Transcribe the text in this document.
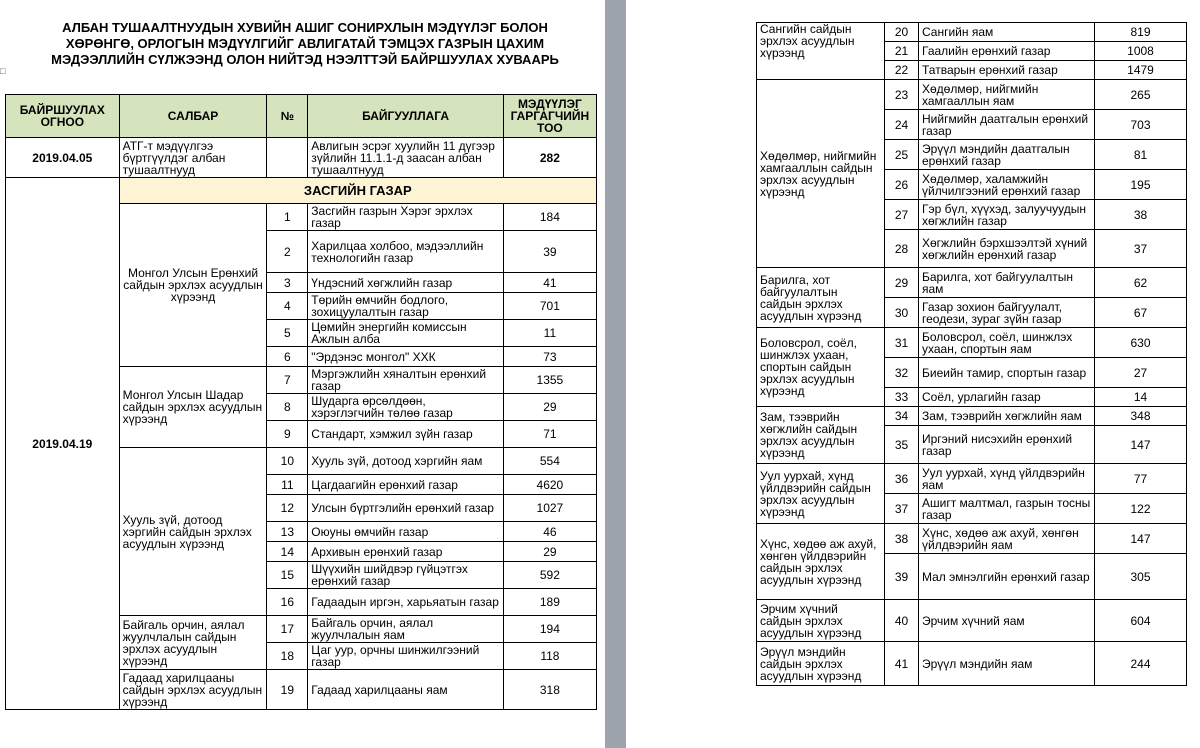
□
АЛБАН ТУШААЛТНУУДЫН ХУВИЙН АШИГ СОНИРХЛЫН МЭДҮҮЛЭГ БОЛОН ХӨРӨНГӨ, ОРЛОГЫН МЭДҮҮЛГИЙГ АВЛИГАТАЙ ТЭМЦЭХ ГАЗРЫН ЦАХИМ МЭДЭЭЛЛИЙН СҮЛЖЭЭНД ОЛОН НИЙТЭД НЭЭЛТТЭЙ БАЙРШУУЛАХ ХУВААРЬ
БАЙРШУУЛАХ ОГНОО	САЛБАР	№	БАЙГУУЛЛАГА	МЭДҮҮЛЭГ ГАРГАГЧИЙН ТОО
2019.04.05	АТГ-т мэдүүлгээ бүртгүүлдэг албан тушаалтнууд		Авлигын эсрэг хуулийн 11 дүгээр зүйлийн 11.1.1-д заасан албан тушаалтнууд	282
2019.04.19	ЗАСГИЙН ГАЗАР			
	Монгол Улсын Ерөнхий сайдын эрхлэх асуудлын хүрээнд	1	Засгийн газрын Хэрэг эрхлэх газар	184
		2	Харилцаа холбоо, мэдээллийн технологийн газар	39
		3	Үндэсний хөгжлийн газар	41
		4	Төрийн өмчийн бодлого, зохицуулалтын газар	701
		5	Цөмийн энергийн комиссын Ажлын алба	11
		6	"Эрдэнэс монгол" ХХК	73
	Монгол Улсын Шадар сайдын эрхлэх асуудлын хүрээнд	7	Мэргэжлийн хяналтын ерөнхий газар	1355
		8	Шударга өрсөлдөөн, хэрэглэгчийн төлөө газар	29
		9	Стандарт, хэмжил зүйн газар	71
	Хууль зүй, дотоод хэргийн сайдын эрхлэх асуудлын хүрээнд	10	Хууль зүй, дотоод хэргийн яам	554
		11	Цагдаагийн ерөнхий газар	4620
		12	Улсын бүртгэлийн ерөнхий газар	1027
		13	Оюуны өмчийн газар	46
		14	Архивын ерөнхий газар	29
		15	Шүүхийн шийдвэр гүйцэтгэх ерөнхий газар	592
		16	Гадаадын иргэн, харьяатын газар	189
	Байгаль орчин, аялал жуулчлалын сайдын эрхлэх асуудлын хүрээнд	17	Байгаль орчин, аялал жуулчлалын яам	194
		18	Цаг уур, орчны шинжилгээний газар	118
	Гадаад харилцааны сайдын эрхлэх асуудлын хүрээнд	19	Гадаад харилцааны яам	318
Сангийн сайдын эрхлэх асуудлын хүрээнд	20	Сангийн яам	819
	21	Гаалийн ерөнхий газар	1008
	22	Татварын ерөнхий газар	1479
Хөдөлмөр, нийгмийн хамгааллын сайдын эрхлэх асуудлын хүрээнд	23	Хөдөлмөр, нийгмийн хамгааллын яам	265
	24	Нийгмийн даатгалын ерөнхий газар	703
	25	Эрүүл мэндийн даатгалын ерөнхий газар	81
	26	Хөдөлмөр, халамжийн үйлчилгээний ерөнхий газар	195
	27	Гэр бүл, хүүхэд, залуучуудын хөгжлийн газар	38
	28	Хөгжлийн бэрхшээлтэй хүний хөгжлийн ерөнхий газар	37
Барилга, хот байгуулалтын сайдын эрхлэх асуудлын хүрээнд	29	Барилга, хот байгуулалтын яам	62
	30	Газар зохион байгуулалт, геодези, зураг зүйн газар	67
Боловсрол, соёл, шинжлэх ухаан, спортын сайдын эрхлэх асуудлын хүрээнд	31	Боловсрол, соёл, шинжлэх ухаан, спортын яам	630
	32	Биеийн тамир, спортын газар	27
	33	Соёл, урлагийн газар	14
Зам, тээврийн хөгжлийн сайдын эрхлэх асуудлын хүрээнд	34	Зам, тээврийн хөгжлийн яам	348
	35	Иргэний нисэхийн ерөнхий газар	147
Уул уурхай, хүнд үйлдвэрийн сайдын эрхлэх асуудлын хүрээнд	36	Уул уурхай, хүнд үйлдвэрийн яам	77
	37	Ашигт малтмал, газрын тосны газар	122
Хүнс, хөдөө аж ахуй, хөнгөн үйлдвэрийн сайдын эрхлэх асуудлын хүрээнд	38	Хүнс, хөдөө аж ахуй, хөнгөн үйлдвэрийн яам	147
	39	Мал эмнэлгийн ерөнхий газар	305
Эрчим хүчний сайдын эрхлэх асуудлын хүрээнд	40	Эрчим хүчний яам	604
Эрүүл мэндийн сайдын эрхлэх асуудлын хүрээнд	41	Эрүүл мэндийн яам	244
